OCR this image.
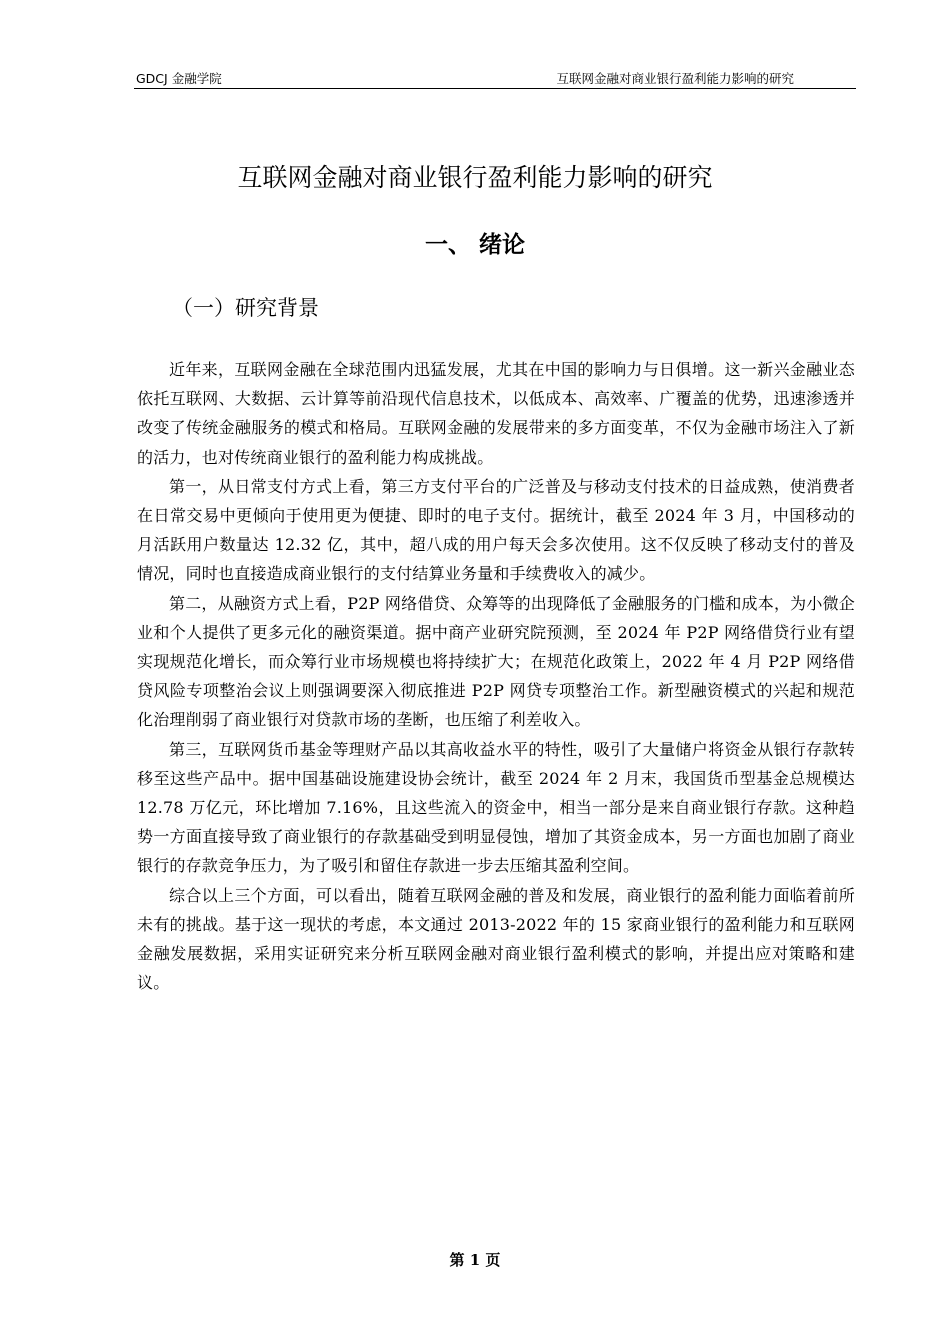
GDCJ 金融学院	互联网金融对商业银行盈利能力影响的研究
互联网金融对商业银行盈利能力影响的研究
一、 绪论
（一）研究背景

近年来，互联网金融在全球范围内迅猛发展，尤其在中国的影响力与日俱增。这一新兴金融业态依托互联网、大数据、云计算等前沿现代信息技术，以低成本、高效率、广覆盖的优势，迅速渗透并改变了传统金融服务的模式和格局。互联网金融的发展带来的多方面变革，不仅为金融市场注入了新的活力，也对传统商业银行的盈利能力构成挑战。

第一，从日常支付方式上看，第三方支付平台的广泛普及与移动支付技术的日益成熟，使消费者在日常交易中更倾向于使用更为便捷、即时的电子支付。据统计，截至 2024 年 3 月，中国移动的月活跃用户数量达 12.32 亿，其中，超八成的用户每天会多次使用。这不仅反映了移动支付的普及情况，同时也直接造成商业银行的支付结算业务量和手续费收入的减少。

第二，从融资方式上看，P2P 网络借贷、众筹等的出现降低了金融服务的门槛和成本，为小微企业和个人提供了更多元化的融资渠道。据中商产业研究院预测，至 2024 年 P2P 网络借贷行业有望实现规范化增长，而众筹行业市场规模也将持续扩大；在规范化政策上，2022 年 4 月 P2P 网络借贷风险专项整治会议上则强调要深入彻底推进 P2P 网贷专项整治工作。新型融资模式的兴起和规范化治理削弱了商业银行对贷款市场的垄断，也压缩了利差收入。

第三，互联网货币基金等理财产品以其高收益水平的特性，吸引了大量储户将资金从银行存款转移至这些产品中。据中国基础设施建设协会统计，截至 2024 年 2 月末，我国货币型基金总规模达 12.78 万亿元，环比增加 7.16%，且这些流入的资金中，相当一部分是来自商业银行存款。这种趋势一方面直接导致了商业银行的存款基础受到明显侵蚀，增加了其资金成本，另一方面也加剧了商业银行的存款竞争压力，为了吸引和留住存款进一步去压缩其盈利空间。

综合以上三个方面，可以看出，随着互联网金融的普及和发展，商业银行的盈利能力面临着前所未有的挑战。基于这一现状的考虑，本文通过 2013-2022 年的 15 家商业银行的盈利能力和互联网金融发展数据，采用实证研究来分析互联网金融对商业银行盈利模式的影响，并提出应对策略和建议。

第 1 页
